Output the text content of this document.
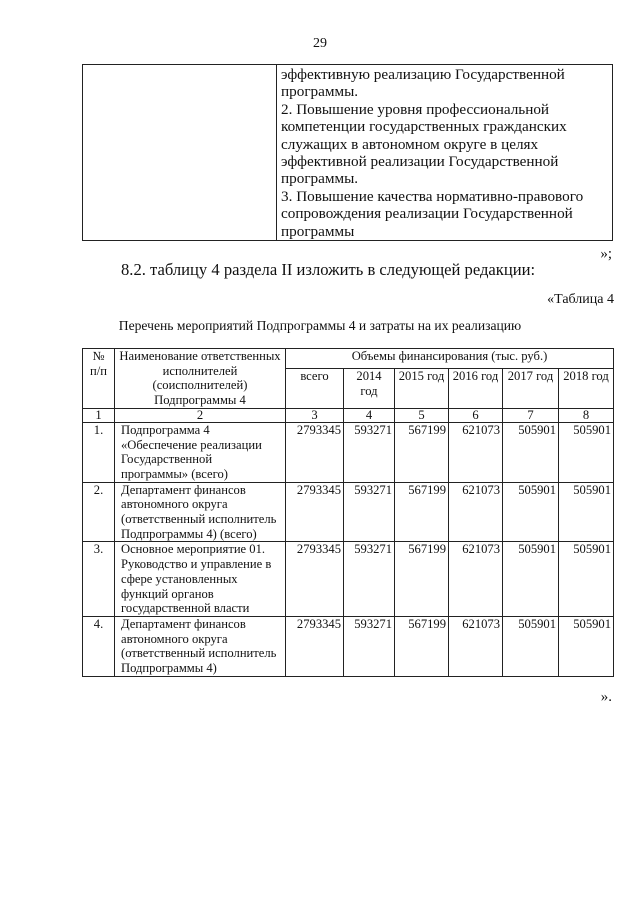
29

эффективную реализацию Государственной
программы.
2. Повышение уровня профессиональной
компетенции государственных гражданских
служащих в автономном округе в целях
эффективной реализации Государственной
программы.
3. Повышение качества нормативно-правового
сопровождения реализации Государственной
программы
»;
8.2. таблицу 4 раздела II изложить в следующей редакции:
«Таблица 4
Перечень мероприятий Подпрограммы 4 и затраты на их реализацию
№ п/п	Наименование ответственных исполнителей (соисполнителей) Подпрограммы 4	Объемы финансирования (тыс. руб.)					
		всего	2014 год	2015 год	2016 год	2017 год	2018 год
1	2	3	4	5	6	7	8
1.	Подпрограмма 4 «Обеспечение реализации Государственной программы» (всего)	2793345	593271	567199	621073	505901	505901
2.	Департамент финансов автономного округа (ответственный исполнитель Подпрограммы 4) (всего)	2793345	593271	567199	621073	505901	505901
3.	Основное мероприятие 01. Руководство и управление в сфере установленных функций органов государственной власти	2793345	593271	567199	621073	505901	505901
4.	Департамент финансов автономного округа (ответственный исполнитель Подпрограммы 4)	2793345	593271	567199	621073	505901	505901
».
